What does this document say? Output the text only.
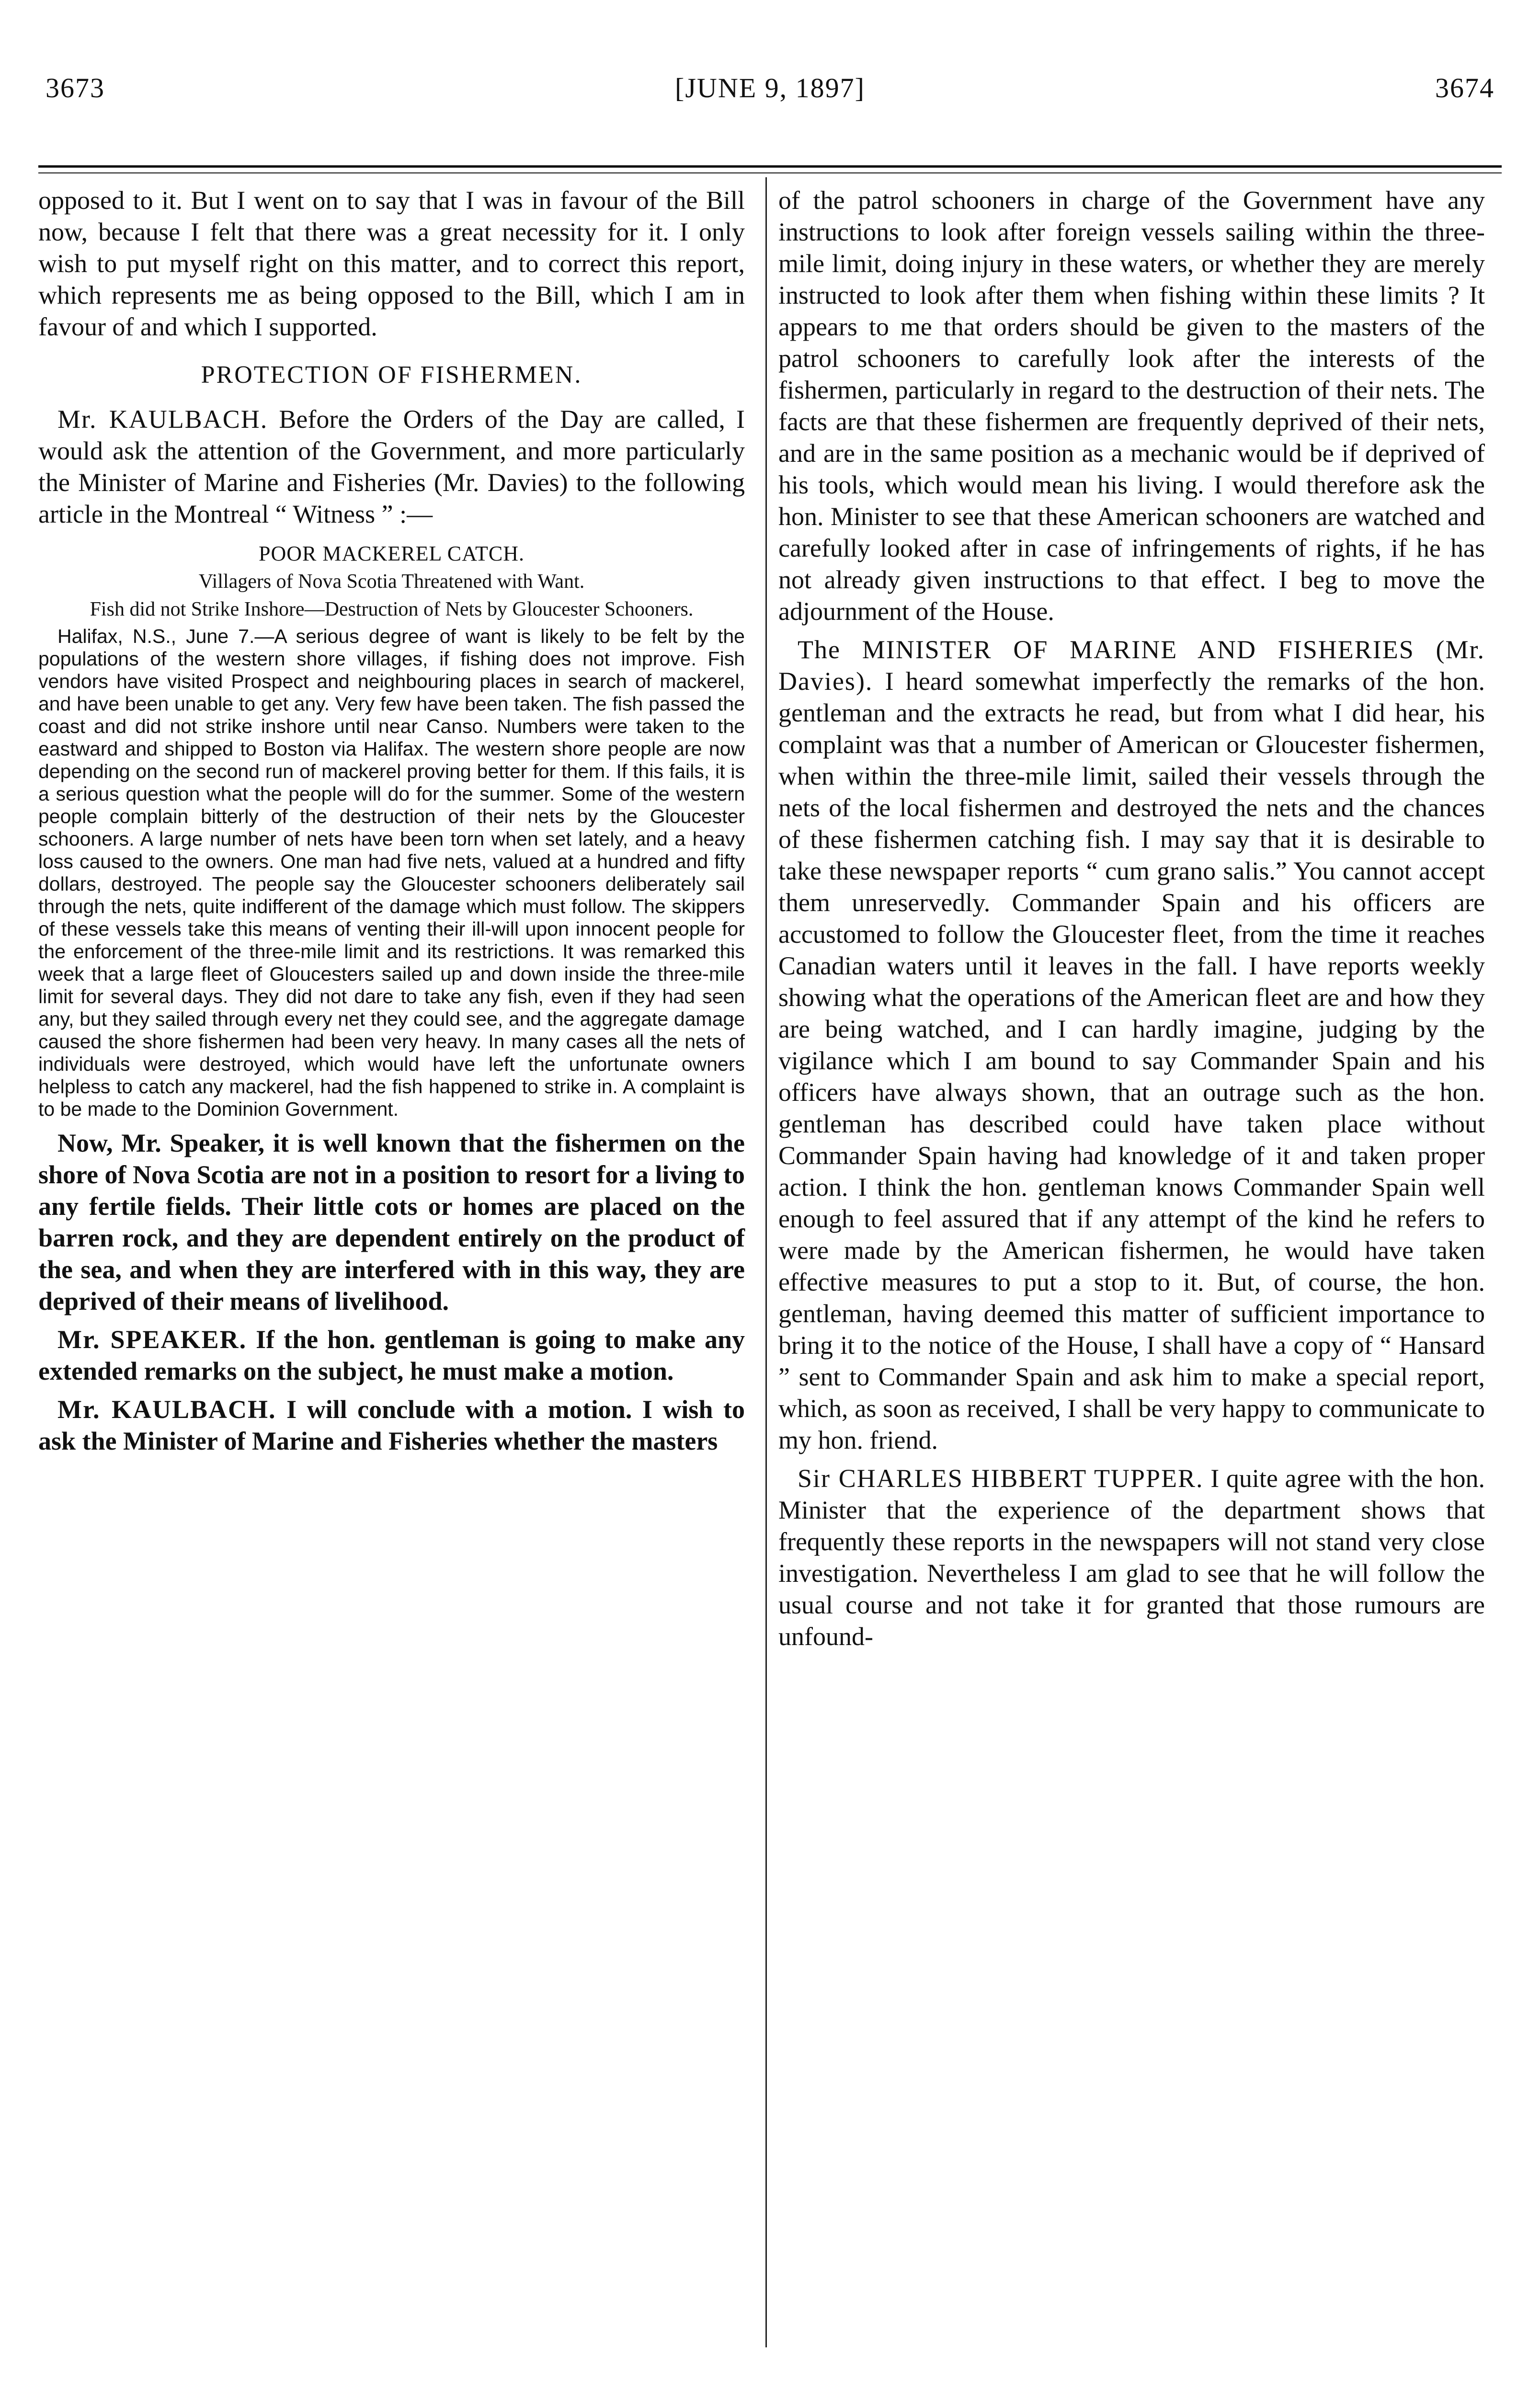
3673	[JUNE 9, 1897]	3674

opposed to it. But I went on to say that I was in favour of the Bill now, because I felt that there was a great necessity for it. I only wish to put myself right on this matter, and to correct this report, which represents me as being opposed to the Bill, which I am in favour of and which I supported.

PROTECTION OF FISHERMEN.

Mr. KAULBACH. Before the Orders of the Day are called, I would ask the attention of the Government, and more particularly the Minister of Marine and Fisheries (Mr. Davies) to the following article in the Montreal “ Witness ” :—

POOR MACKEREL CATCH.
Villagers of Nova Scotia Threatened with Want.
Fish did not Strike Inshore—Destruction of Nets by Gloucester Schooners.

Halifax, N.S., June 7.—A serious degree of want is likely to be felt by the populations of the western shore villages, if fishing does not improve. Fish vendors have visited Prospect and neighbouring places in search of mackerel, and have been unable to get any. Very few have been taken. The fish passed the coast and did not strike inshore until near Canso. Numbers were taken to the eastward and shipped to Boston via Halifax. The western shore people are now depending on the second run of mackerel proving better for them. If this fails, it is a serious question what the people will do for the summer. Some of the western people complain bitterly of the destruction of their nets by the Gloucester schooners. A large number of nets have been torn when set lately, and a heavy loss caused to the owners. One man had five nets, valued at a hundred and fifty dollars, destroyed. The people say the Gloucester schooners deliberately sail through the nets, quite indifferent of the damage which must follow. The skippers of these vessels take this means of venting their ill-will upon innocent people for the enforcement of the three-mile limit and its restrictions. It was remarked this week that a large fleet of Gloucesters sailed up and down inside the three-mile limit for several days. They did not dare to take any fish, even if they had seen any, but they sailed through every net they could see, and the aggregate damage caused the shore fishermen had been very heavy. In many cases all the nets of individuals were destroyed, which would have left the unfortunate owners helpless to catch any mackerel, had the fish happened to strike in. A complaint is to be made to the Dominion Government.

Now, Mr. Speaker, it is well known that the fishermen on the shore of Nova Scotia are not in a position to resort for a living to any fertile fields. Their little cots or homes are placed on the barren rock, and they are dependent entirely on the product of the sea, and when they are interfered with in this way, they are deprived of their means of livelihood.

Mr. SPEAKER. If the hon. gentleman is going to make any extended remarks on the subject, he must make a motion.

Mr. KAULBACH. I will conclude with a motion. I wish to ask the Minister of Marine and Fisheries whether the masters

of the patrol schooners in charge of the Government have any instructions to look after foreign vessels sailing within the three-mile limit, doing injury in these waters, or whether they are merely instructed to look after them when fishing within these limits ? It appears to me that orders should be given to the masters of the patrol schooners to carefully look after the interests of the fishermen, particularly in regard to the destruction of their nets. The facts are that these fishermen are frequently deprived of their nets, and are in the same position as a mechanic would be if deprived of his tools, which would mean his living. I would therefore ask the hon. Minister to see that these American schooners are watched and carefully looked after in case of infringements of rights, if he has not already given instructions to that effect. I beg to move the adjournment of the House.

The MINISTER OF MARINE AND FISHERIES (Mr. Davies). I heard somewhat imperfectly the remarks of the hon. gentleman and the extracts he read, but from what I did hear, his complaint was that a number of American or Gloucester fishermen, when within the three-mile limit, sailed their vessels through the nets of the local fishermen and destroyed the nets and the chances of these fishermen catching fish. I may say that it is desirable to take these newspaper reports “ cum grano salis.” You cannot accept them unreservedly. Commander Spain and his officers are accustomed to follow the Gloucester fleet, from the time it reaches Canadian waters until it leaves in the fall. I have reports weekly showing what the operations of the American fleet are and how they are being watched, and I can hardly imagine, judging by the vigilance which I am bound to say Commander Spain and his officers have always shown, that an outrage such as the hon. gentleman has described could have taken place without Commander Spain having had knowledge of it and taken proper action. I think the hon. gentleman knows Commander Spain well enough to feel assured that if any attempt of the kind he refers to were made by the American fishermen, he would have taken effective measures to put a stop to it. But, of course, the hon. gentleman, having deemed this matter of sufficient importance to bring it to the notice of the House, I shall have a copy of “ Hansard ” sent to Commander Spain and ask him to make a special report, which, as soon as received, I shall be very happy to communicate to my hon. friend.

Sir CHARLES HIBBERT TUPPER. I quite agree with the hon. Minister that the experience of the department shows that frequently these reports in the newspapers will not stand very close investigation. Nevertheless I am glad to see that he will follow the usual course and not take it for granted that those rumours are unfound-
